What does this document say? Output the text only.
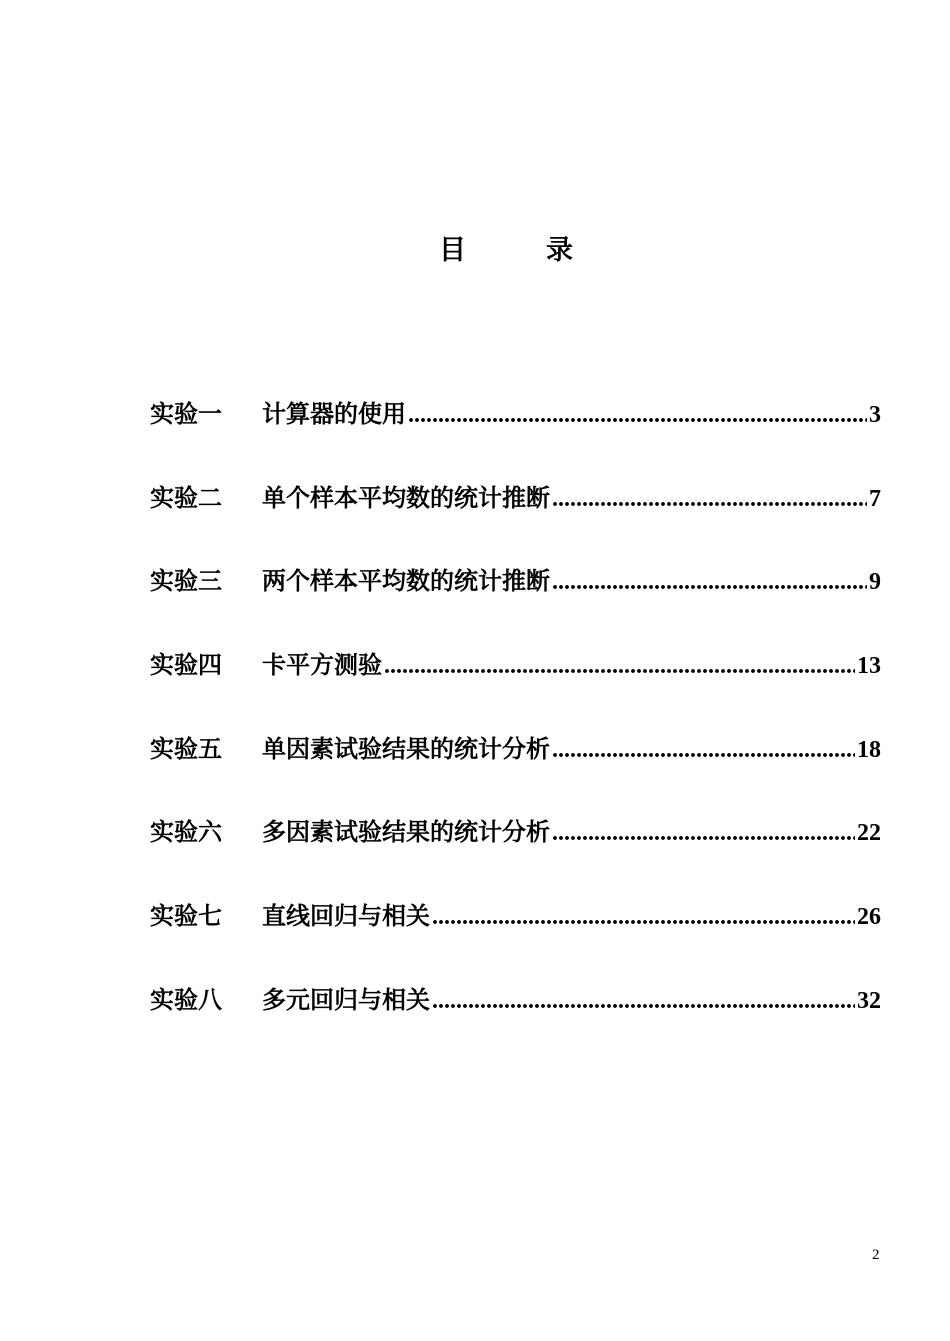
目	录
实验一	计算器的使用 .....	3
实验二	单个样本平均数的统计推断 .....	7
实验三	两个样本平均数的统计推断 .....	9
实验四	卡平方测验 .....	13
实验五	单因素试验结果的统计分析 .....	18
实验六	多因素试验结果的统计分析 .....	22
实验七	直线回归与相关 .....	26
实验八	多元回归与相关 .....	32
2
